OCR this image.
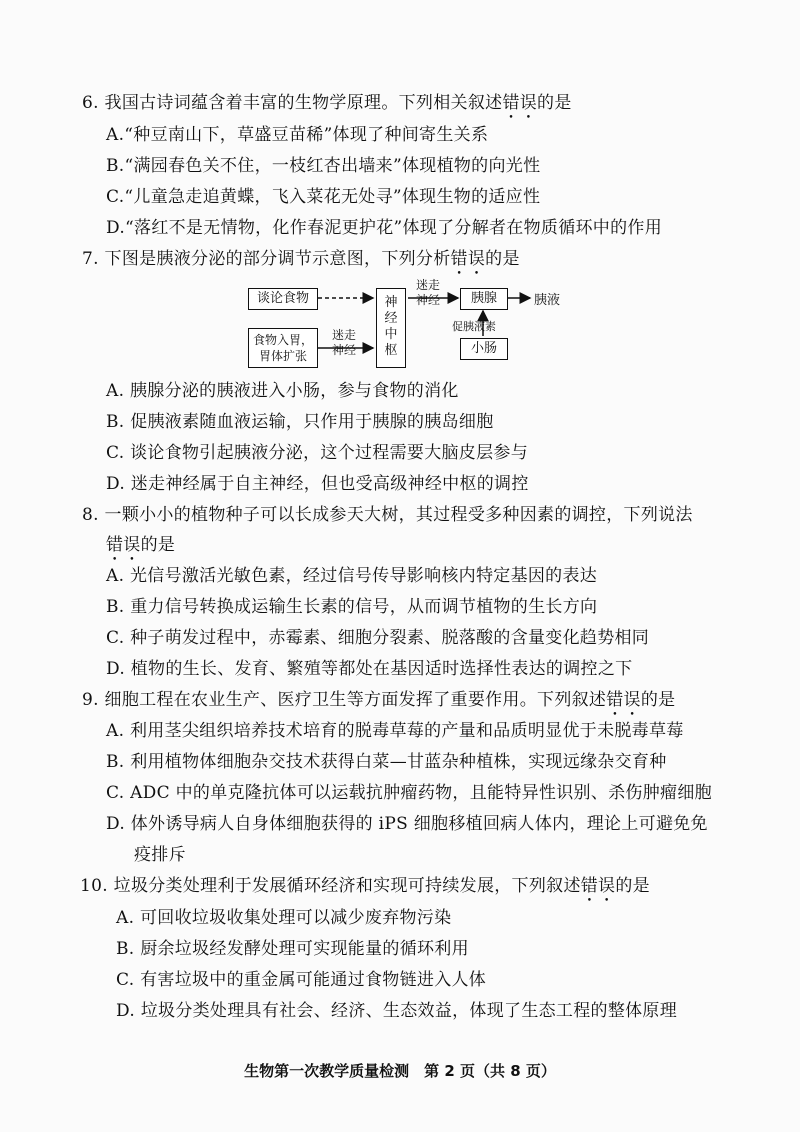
6. 我国古诗词蕴含着丰富的生物学原理。下列相关叙述错误的是
A.“种豆南山下，草盛豆苗稀”体现了种间寄生关系
B.“满园春色关不住，一枝红杏出墙来”体现植物的向光性
C.“儿童急走追黄蝶，飞入菜花无处寻”体现生物的适应性
D.“落红不是无情物，化作春泥更护花”体现了分解者在物质循环中的作用
7. 下图是胰液分泌的部分调节示意图，下列分析错误的是
谈论食物
食物入胃，
胃体扩张
神
经
中
枢
胰腺
小肠
迷走
神经
迷走
神经
促胰液素
胰液
A. 胰腺分泌的胰液进入小肠，参与食物的消化
B. 促胰液素随血液运输，只作用于胰腺的胰岛细胞
C. 谈论食物引起胰液分泌，这个过程需要大脑皮层参与
D. 迷走神经属于自主神经，但也受高级神经中枢的调控
8. 一颗小小的植物种子可以长成参天大树，其过程受多种因素的调控，下列说法
错误的是
A. 光信号激活光敏色素，经过信号传导影响核内特定基因的表达
B. 重力信号转换成运输生长素的信号，从而调节植物的生长方向
C. 种子萌发过程中，赤霉素、细胞分裂素、脱落酸的含量变化趋势相同
D. 植物的生长、发育、繁殖等都处在基因适时选择性表达的调控之下
9. 细胞工程在农业生产、医疗卫生等方面发挥了重要作用。下列叙述错误的是
A. 利用茎尖组织培养技术培育的脱毒草莓的产量和品质明显优于未脱毒草莓
B. 利用植物体细胞杂交技术获得白菜—甘蓝杂种植株，实现远缘杂交育种
C. ADC 中的单克隆抗体可以运载抗肿瘤药物，且能特异性识别、杀伤肿瘤细胞
D. 体外诱导病人自身体细胞获得的 iPS 细胞移植回病人体内，理论上可避免免
疫排斥
10. 垃圾分类处理利于发展循环经济和实现可持续发展，下列叙述错误的是
A. 可回收垃圾收集处理可以减少废弃物污染
B. 厨余垃圾经发酵处理可实现能量的循环利用
C. 有害垃圾中的重金属可能通过食物链进入人体
D. 垃圾分类处理具有社会、经济、生态效益，体现了生态工程的整体原理
生物第一次教学质量检测　第 2 页（共 8 页）
